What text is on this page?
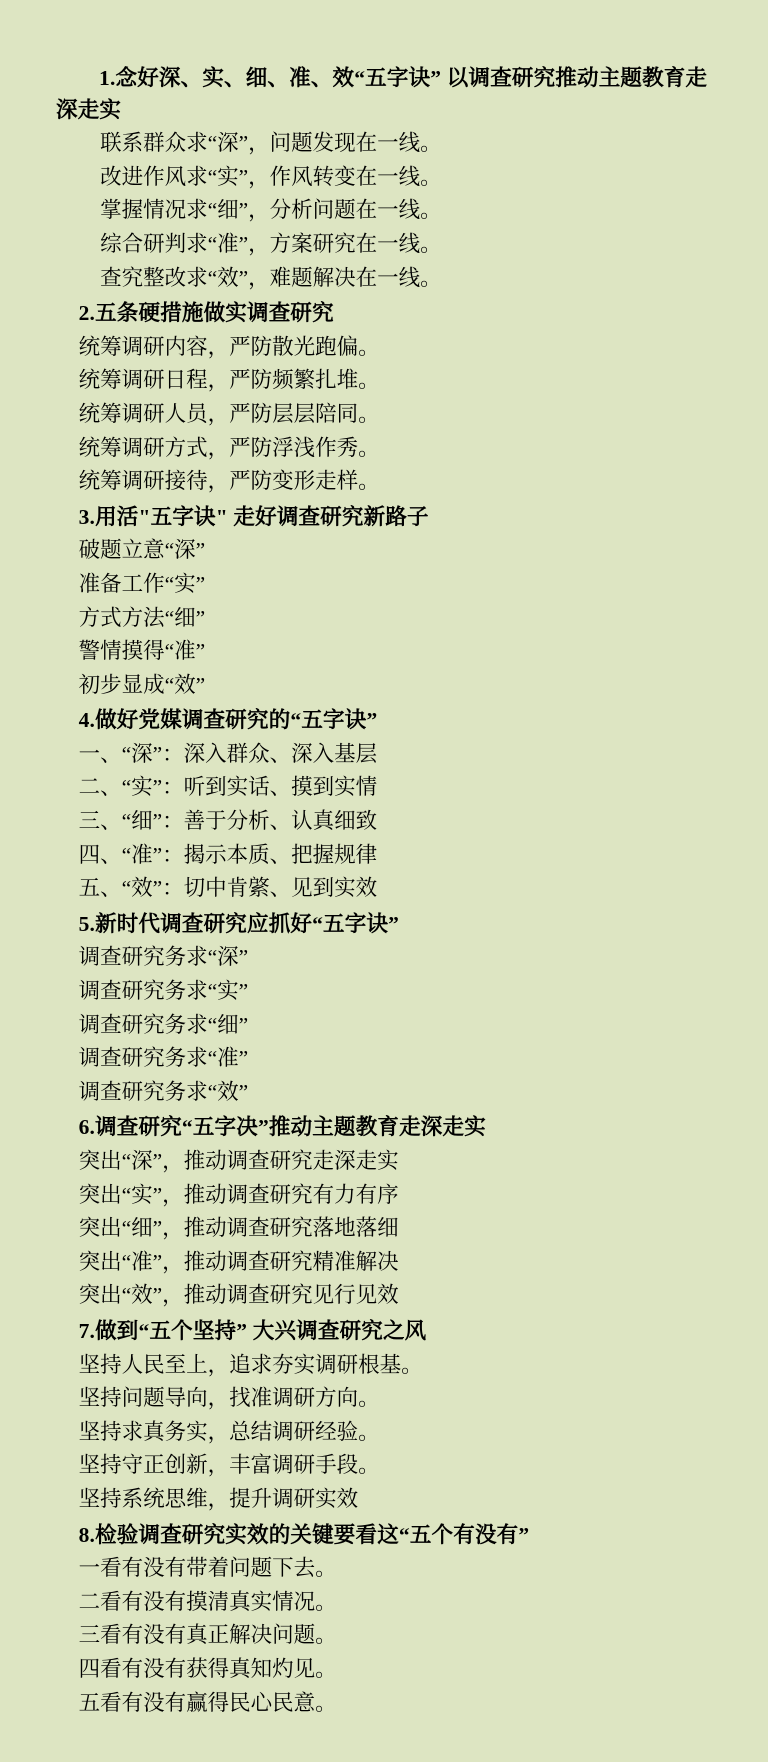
1.念好深、实、细、准、效“五字诀” 以调查研究推动主题教育走深走实
联系群众求“深”，问题发现在一线。
改进作风求“实”，作风转变在一线。
掌握情况求“细”，分析问题在一线。
综合研判求“准”，方案研究在一线。
查究整改求“效”，难题解决在一线。
2.五条硬措施做实调查研究
统筹调研内容，严防散光跑偏。
统筹调研日程，严防频繁扎堆。
统筹调研人员，严防层层陪同。
统筹调研方式，严防浮浅作秀。
统筹调研接待，严防变形走样。
3.用活"五字诀" 走好调查研究新路子
破题立意“深”
准备工作“实”
方式方法“细”
警情摸得“准”
初步显成“效”
4.做好党媒调查研究的“五字诀”
一、“深”：深入群众、深入基层
二、“实”：听到实话、摸到实情
三、“细”：善于分析、认真细致
四、“准”：揭示本质、把握规律
五、“效”：切中肯綮、见到实效
5.新时代调查研究应抓好“五字诀”
调查研究务求“深”
调查研究务求“实”
调查研究务求“细”
调查研究务求“准”
调查研究务求“效”
6.调查研究“五字决”推动主题教育走深走实
突出“深”，推动调查研究走深走实
突出“实”，推动调查研究有力有序
突出“细”，推动调查研究落地落细
突出“准”，推动调查研究精准解决
突出“效”，推动调查研究见行见效
7.做到“五个坚持” 大兴调查研究之风
坚持人民至上，追求夯实调研根基。
坚持问题导向，找准调研方向。
坚持求真务实，总结调研经验。
坚持守正创新，丰富调研手段。
坚持系统思维，提升调研实效
8.检验调查研究实效的关键要看这“五个有没有”
一看有没有带着问题下去。
二看有没有摸清真实情况。
三看有没有真正解决问题。
四看有没有获得真知灼见。
五看有没有赢得民心民意。
